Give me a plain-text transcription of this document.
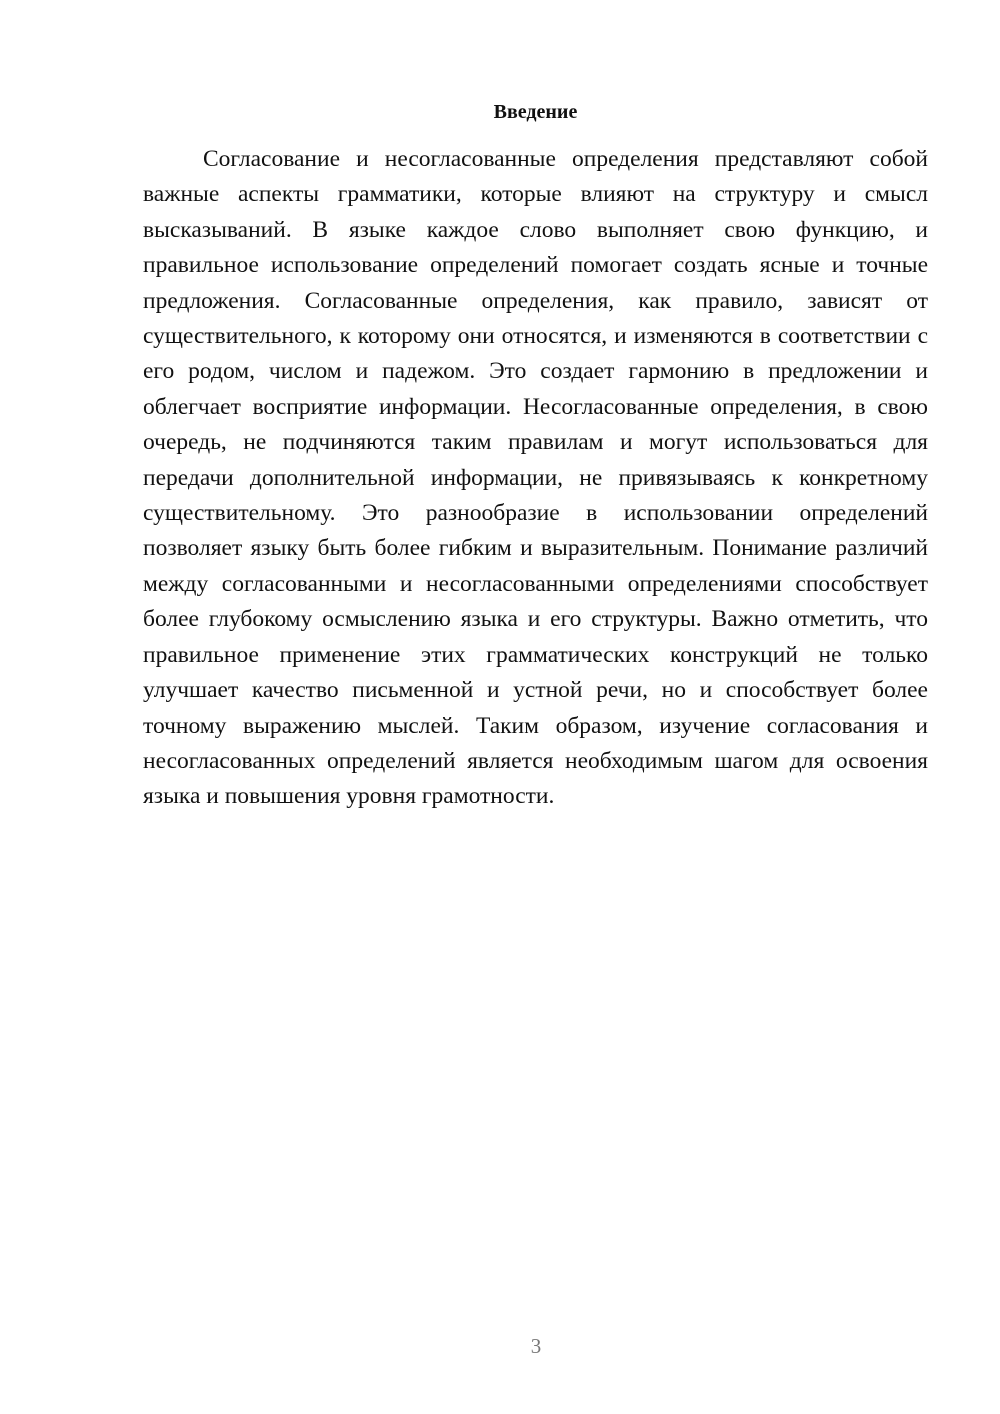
Введение

Согласование и несогласованные определения представляют собой важные аспекты грамматики, которые влияют на структуру и смысл высказываний. В языке каждое слово выполняет свою функцию, и правильное использование определений помогает создать ясные и точные предложения. Согласованные определения, как правило, зависят от существительного, к которому они относятся, и изменяются в соответствии с его родом, числом и падежом. Это создает гармонию в предложении и облегчает восприятие информации. Несогласованные определения, в свою очередь, не подчиняются таким правилам и могут использоваться для передачи дополнительной информации, не привязываясь к конкретному существительному. Это разнообразие в использовании определений позволяет языку быть более гибким и выразительным. Понимание различий между согласованными и несогласованными определениями способствует более глубокому осмыслению языка и его структуры. Важно отметить, что правильное применение этих грамматических конструкций не только улучшает качество письменной и устной речи, но и способствует более точному выражению мыслей. Таким образом, изучение согласования и несогласованных определений является необходимым шагом для освоения языка и повышения уровня грамотности.

3
